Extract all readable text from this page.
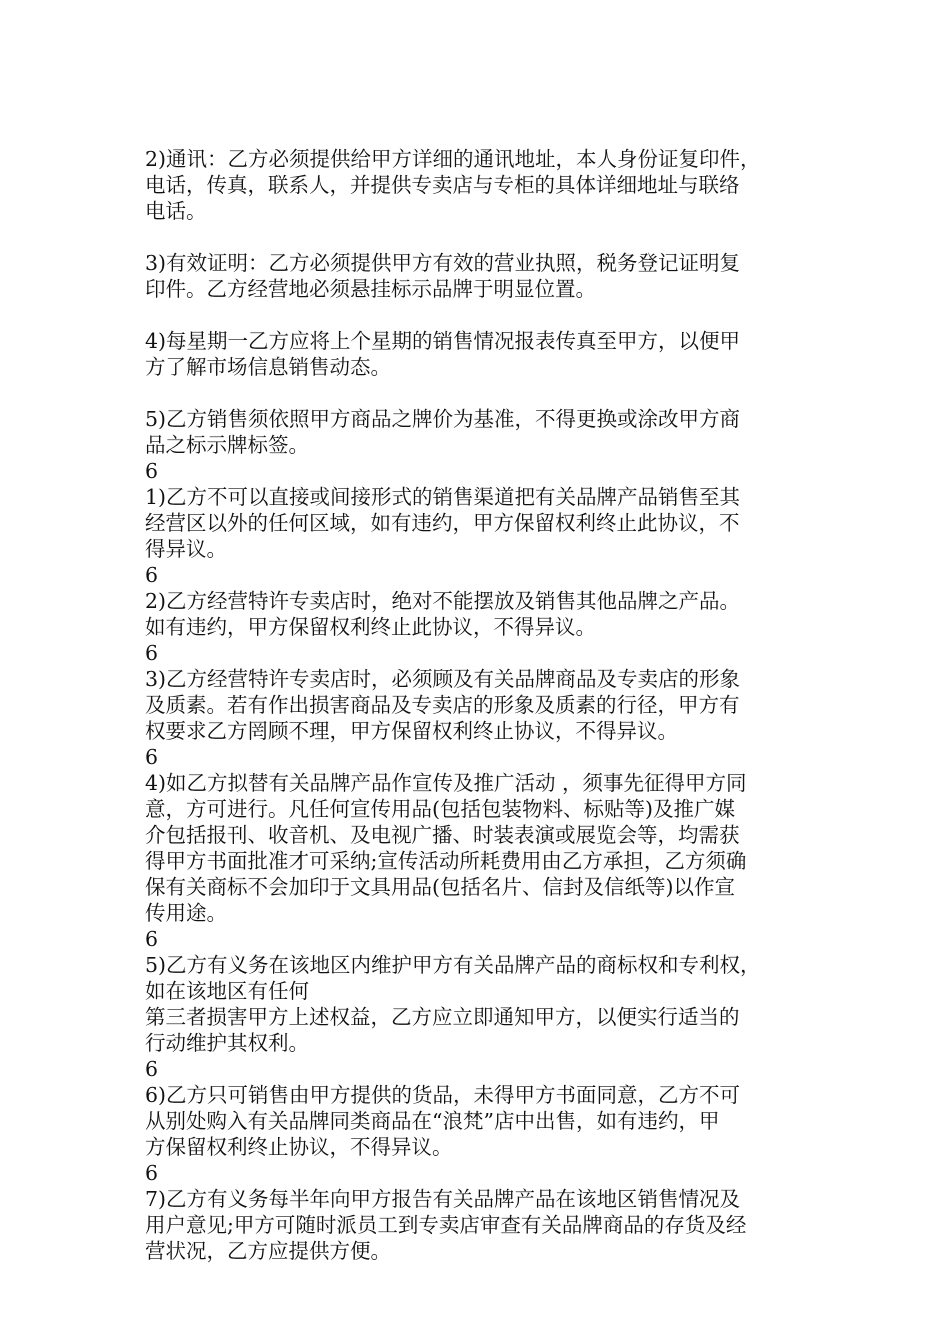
2)通讯：乙方必须提供给甲方详细的通讯地址，本人身份证复印件，
电话，传真，联系人，并提供专卖店与专柜的具体详细地址与联络
电话。
3)有效证明：乙方必须提供甲方有效的营业执照，税务登记证明复
印件。乙方经营地必须悬挂标示品牌于明显位置。
4)每星期一乙方应将上个星期的销售情况报表传真至甲方，以便甲
方了解市场信息销售动态。
5)乙方销售须依照甲方商品之牌价为基准，不得更换或涂改甲方商
品之标示牌标签。
6
1)乙方不可以直接或间接形式的销售渠道把有关品牌产品销售至其
经营区以外的任何区域，如有违约，甲方保留权利终止此协议，不
得异议。
6
2)乙方经营特许专卖店时，绝对不能摆放及销售其他品牌之产品。
如有违约，甲方保留权利终止此协议，不得异议。
6
3)乙方经营特许专卖店时，必须顾及有关品牌商品及专卖店的形象
及质素。若有作出损害商品及专卖店的形象及质素的行径，甲方有
权要求乙方罔顾不理，甲方保留权利终止协议，不得异议。
6
4)如乙方拟替有关品牌产品作宣传及推广活动 ，须事先征得甲方同
意，方可进行。凡任何宣传用品(包括包装物料、标贴等)及推广媒
介包括报刊、收音机、及电视广播、时装表演或展览会等，均需获
得甲方书面批准才可采纳;宣传活动所耗费用由乙方承担，乙方须确
保有关商标不会加印于文具用品(包括名片、信封及信纸等)以作宣
传用途。
6
5)乙方有义务在该地区内维护甲方有关品牌产品的商标权和专利权，
如在该地区有任何
第三者损害甲方上述权益，乙方应立即通知甲方，以便实行适当的
行动维护其权利。
6
6)乙方只可销售由甲方提供的货品，未得甲方书面同意，乙方不可
从别处购入有关品牌同类商品在“浪梵”店中出售，如有违约，甲
方保留权利终止协议，不得异议。
6
7)乙方有义务每半年向甲方报告有关品牌产品在该地区销售情况及
用户意见;甲方可随时派员工到专卖店审查有关品牌商品的存货及经
营状况，乙方应提供方便。
